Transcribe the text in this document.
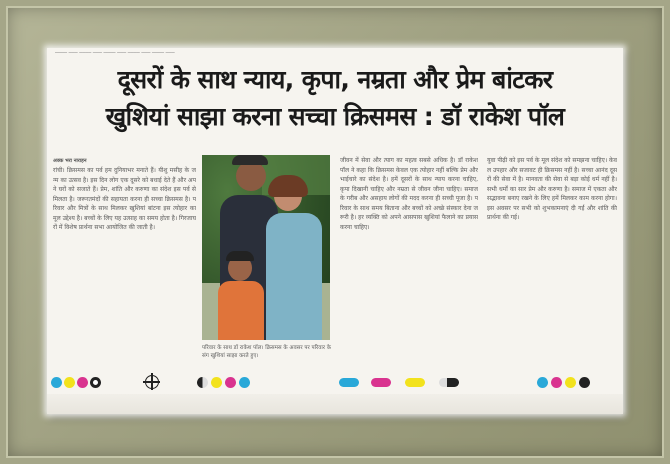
──── ─── ──── ─── ──── ─── ──── ─── ──── ───
दूसरों के साथ न्याय, कृपा, नम्रता और प्रेम बांटकर
खुशियां साझा करना सच्चा क्रिसमस : डॉ राकेश पॉल
अक्क भरा नाराहन
रांची। क्रिसमस का पर्व हम दुनियाभर मनाते हैं। यीशु मसीह के जन्म का उत्सव है। इस दिन लोग एक दूसरे को बधाई देते हैं और अपने घरों को सजाते हैं। प्रेम, शांति और करुणा का संदेश इस पर्व से मिलता है। जरूरतमंदों की सहायता करना ही सच्चा क्रिसमस है। परिवार और मित्रों के साथ मिलकर खुशियां बांटना इस त्योहार का मूल उद्देश्य है। बच्चों के लिए यह उत्साह का समय होता है। गिरजाघरों में विशेष प्रार्थना सभा आयोजित की जाती है।
परिवार के साथ डॉ राकेश पॉल। क्रिसमस के अवसर पर परिवार के संग खुशियां साझा करते हुए।
जीवन में सेवा और त्याग का महत्व सबसे अधिक है। डॉ राकेश पॉल ने कहा कि क्रिसमस केवल एक त्योहार नहीं बल्कि प्रेम और भाईचारे का संदेश है। हमें दूसरों के साथ न्याय करना चाहिए, कृपा दिखानी चाहिए और नम्रता से जीवन जीना चाहिए। समाज के गरीब और असहाय लोगों की मदद करना ही सच्ची पूजा है। परिवार के साथ समय बिताना और बच्चों को अच्छे संस्कार देना जरूरी है। हर व्यक्ति को अपने आसपास खुशियां फैलाने का प्रयास करना चाहिए।
युवा पीढ़ी को इस पर्व के मूल संदेश को समझना चाहिए। केवल उपहार और सजावट ही क्रिसमस नहीं है। सच्चा आनंद दूसरों की सेवा में है। मानवता की सेवा से बड़ा कोई धर्म नहीं है। सभी धर्मों का सार प्रेम और करुणा है। समाज में एकता और सद्भावना बनाए रखने के लिए हमें मिलकर काम करना होगा। इस अवसर पर सभी को शुभकामनाएं दी गईं और शांति की प्रार्थना की गई।
